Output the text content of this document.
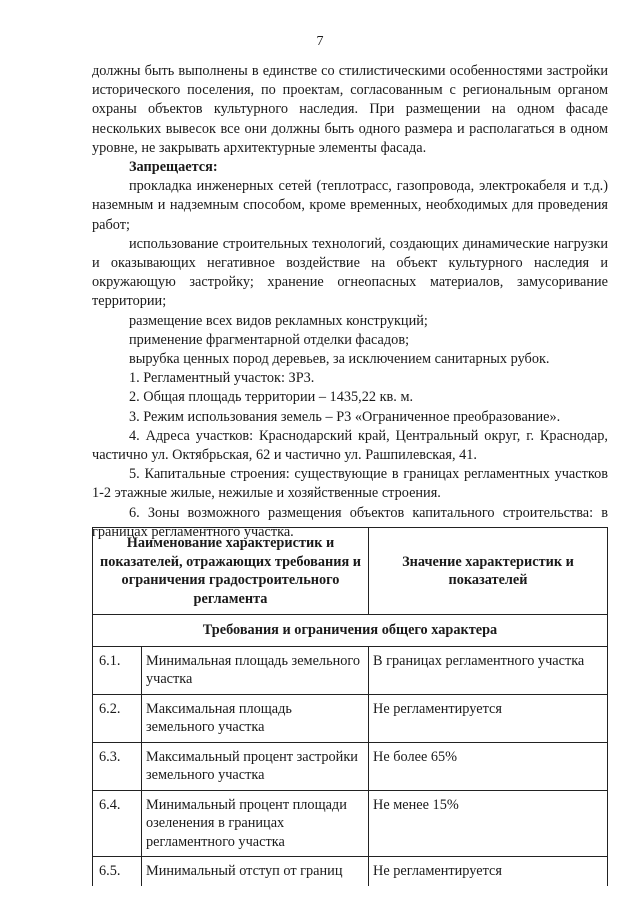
7

должны быть выполнены в единстве со стилистическими особенностями застройки исторического поселения, по проектам, согласованным с региональным органом охраны объектов культурного наследия. При размещении на одном фасаде нескольких вывесок все они должны быть одного размера и располагаться в одном уровне, не закрывать архитектурные элементы фасада.

Запрещается:

прокладка инженерных сетей (теплотрасс, газопровода, электрокабеля и т.д.) наземным и надземным способом, кроме временных, необходимых для проведения работ;

использование строительных технологий, создающих динамические нагрузки и оказывающих негативное воздействие на объект культурного наследия и окружающую застройку; хранение огнеопасных материалов, замусоривание территории;

размещение всех видов рекламных конструкций;

применение фрагментарной отделки фасадов;

вырубка ценных пород деревьев, за исключением санитарных рубок.

1. Регламентный участок: ЗР3.

2. Общая площадь территории – 1435,22 кв. м.

3. Режим использования земель – Р3 «Ограниченное преобразование».

4. Адреса участков: Краснодарский край, Центральный округ, г. Краснодар, частично ул. Октябрьская, 62 и частично ул. Рашпилевская, 41.

5. Капитальные строения: существующие в границах регламентных участков 1-2 этажные жилые, нежилые и хозяйственные строения.

6. Зоны возможного размещения объектов капитального строительства: в границах регламентного участка.

Наименование характеристик и показателей, отражающих требования и ограничения градостроительного регламента		Значение характеристик и показателей
Требования и ограничения общего характера		
6.1.	Минимальная площадь земельного участка	В границах регламентного участка
6.2.	Максимальная площадь земельного участка	Не регламентируется
6.3.	Максимальный процент застройки земельного участка	Не более 65%
6.4.	Минимальный процент площади озеленения в границах регламентного участка	Не менее 15%
6.5.	Минимальный отступ от границ	Не регламентируется
